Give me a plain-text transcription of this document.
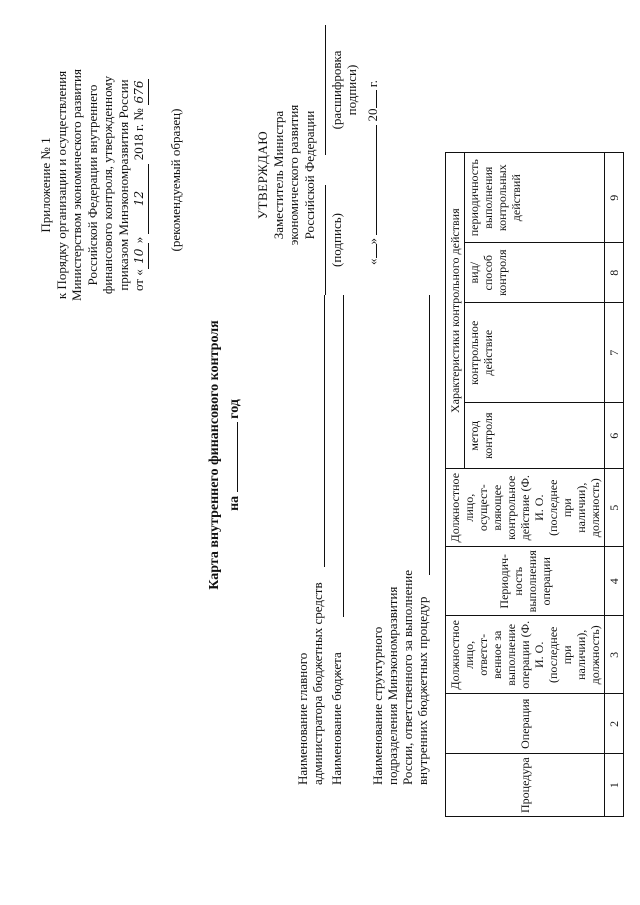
Приложение № 1 к Порядку организации и осуществления Министерством экономического развития Российской Федерации внутреннего финансового контроля, утвержденному приказом Минэкономразвития России от «10» 12 2018 г. № 676
(рекомендуемый образец)	УТВЕРЖДАЮ Заместитель Министра экономического развития Российской Федерации
(подпись)
(расшифровка
подписи)
«»  20 г.
Карта внутреннего финансового контроля на  год
Наименование главного администратора бюджетных средств Наименование бюджета Наименование структурного подразделения Минэкономразвития России, ответственного за выполнение внутренних бюджетных процедур
Процедура	Операция	Должностное лицо, ответст-венное за выполнение операции (Ф. И. О. (последнее при наличии), должность)	Периодич-ность выполнения операции	Должностное лицо, осущест-вляющее контрольное действие (Ф. И. О. (последнее при наличии), должность)	Характеристики контрольного действия			
					метод контроля	контрольное действие	вид/ способ контроля	периодичность выполнения контрольных действий
1	2	3	4	5	6	7	8	9
